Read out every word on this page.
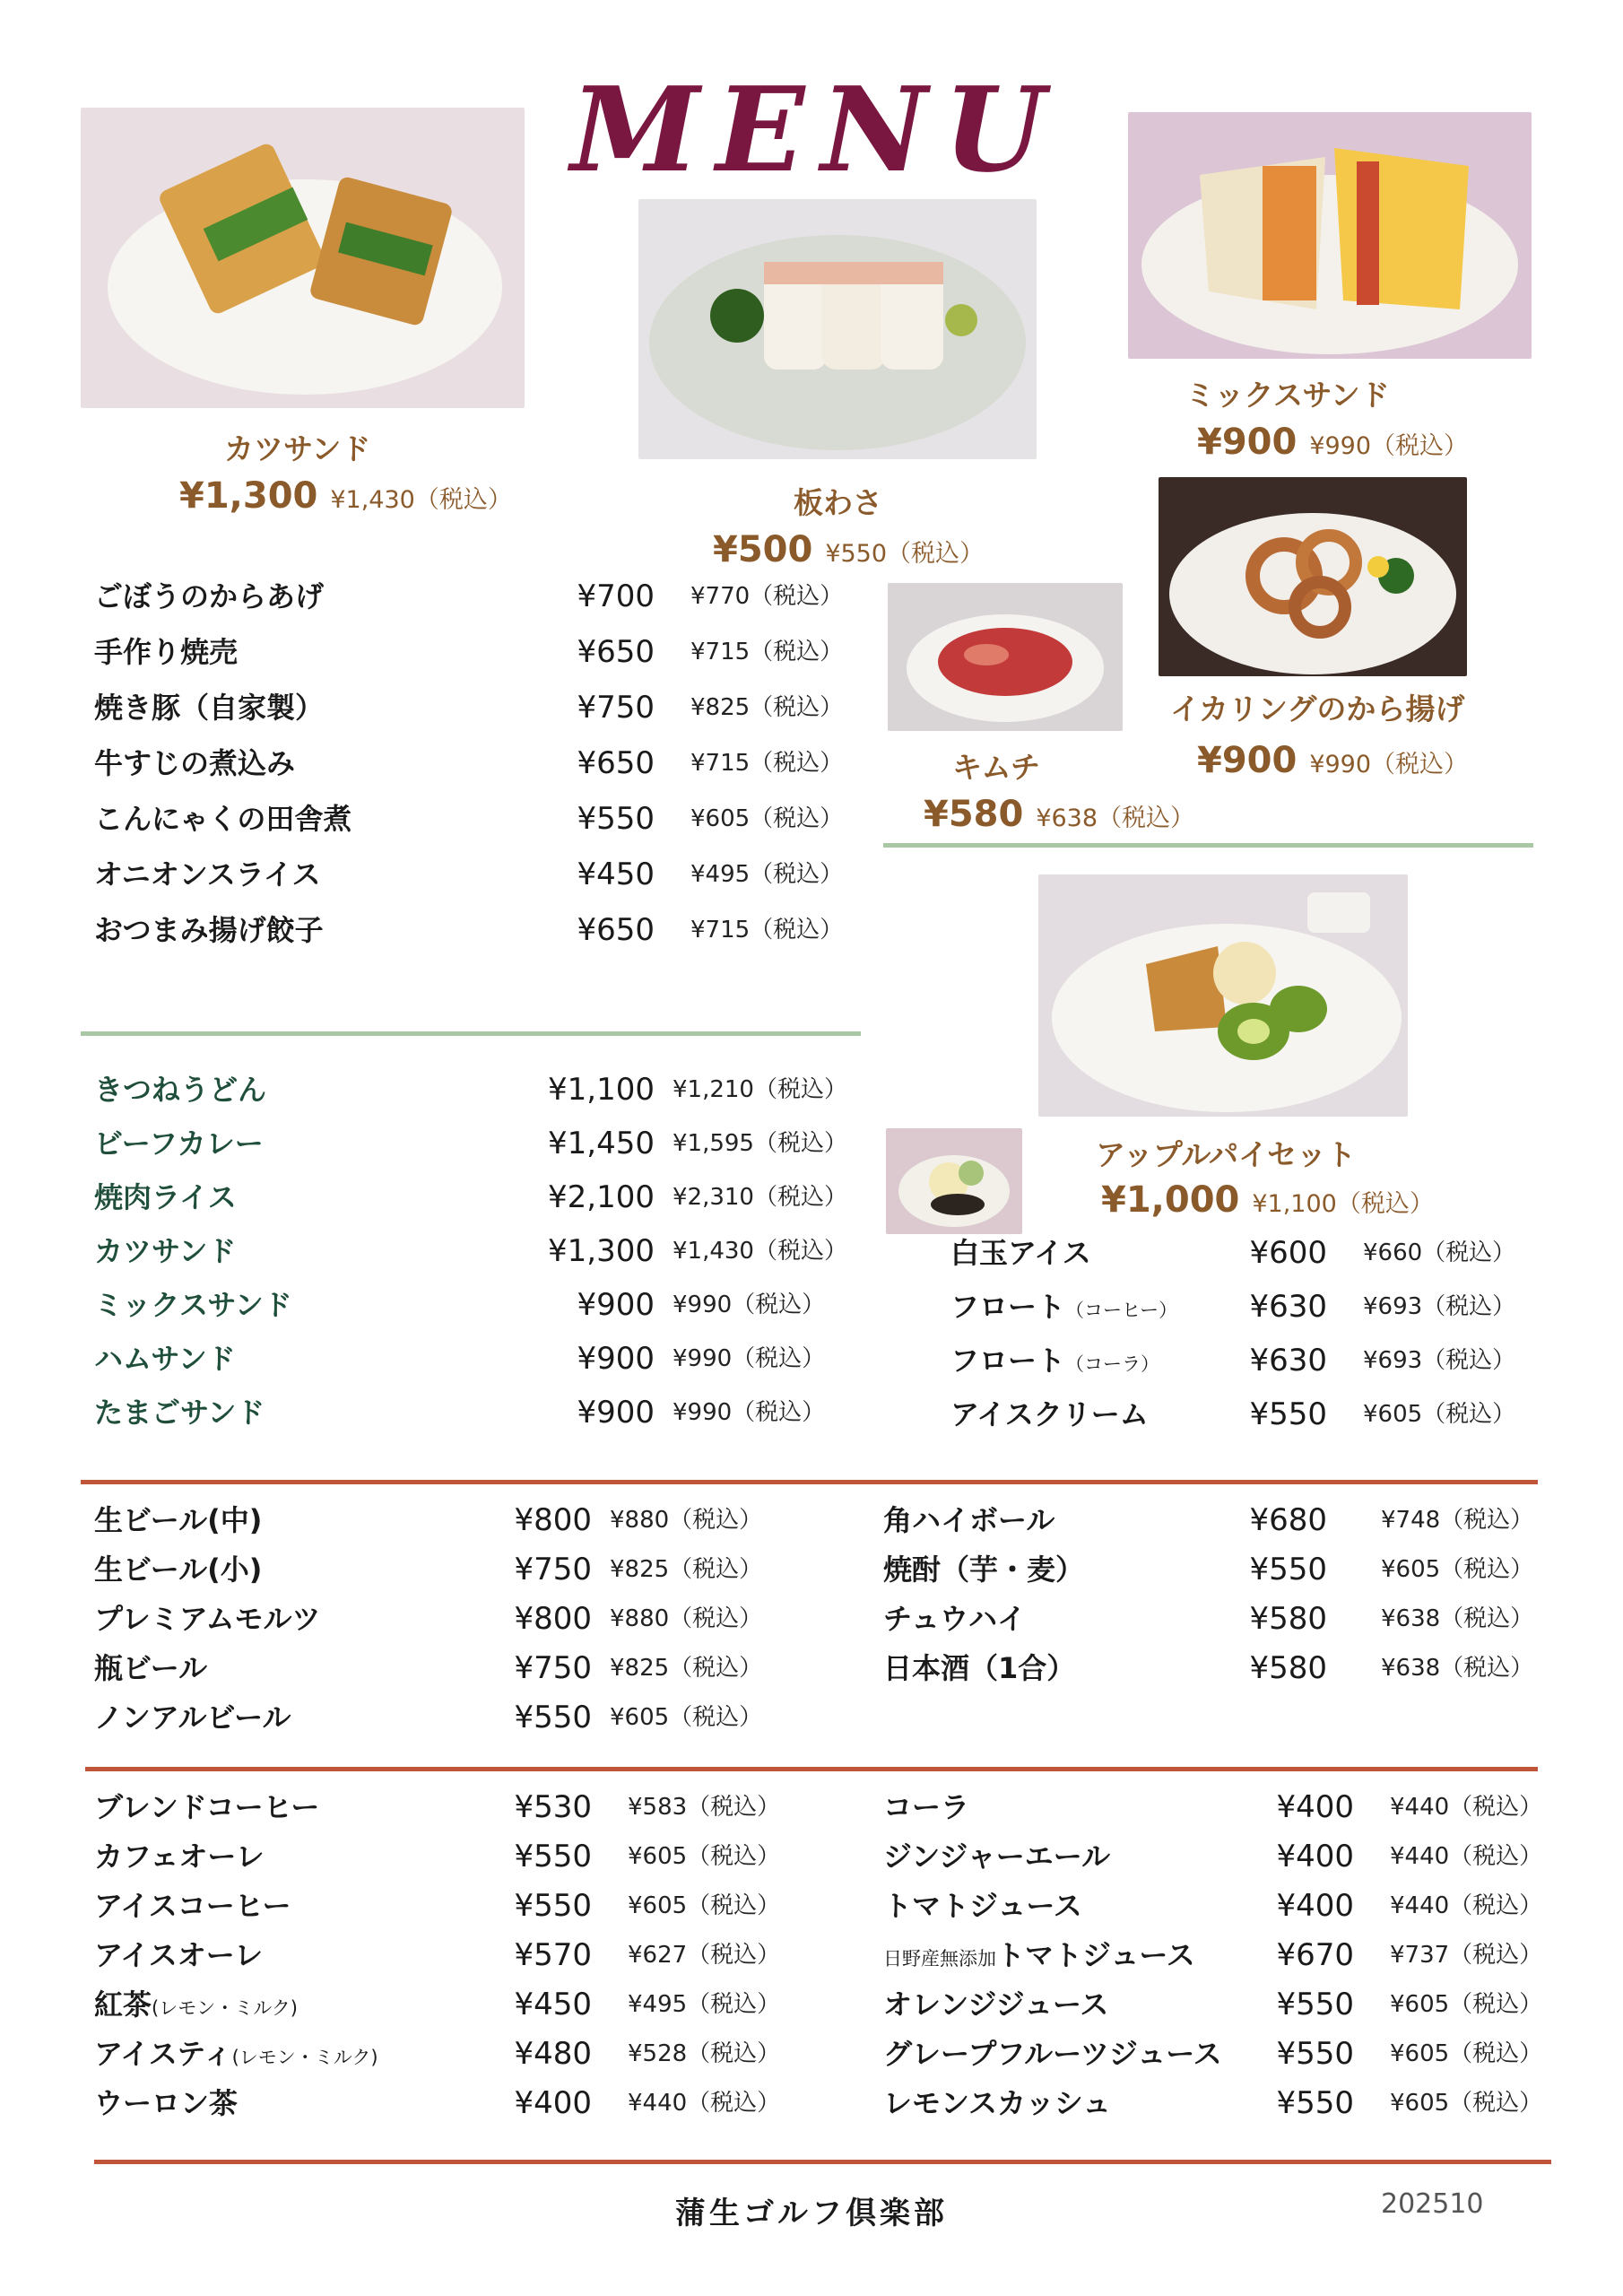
MENU
カツサンド
¥1,300 ¥1,430（税込）	板わさ
¥500 ¥550（税込）
ミックスサンド
¥900 ¥990（税込）
キムチ
¥580 ¥638（税込）
イカリングのから揚げ
¥900 ¥990（税込）
アップルパイセット
¥1,000 ¥1,100（税込）
ごぼうのからあげ	¥700 ¥770（税込）
手作り焼売	¥650 ¥715（税込）
焼き豚（自家製）	¥750 ¥825（税込）
牛すじの煮込み	¥650 ¥715（税込）
こんにゃくの田舎煮	¥550 ¥605（税込）
オニオンスライス	¥450 ¥495（税込）
おつまみ揚げ餃子	¥650 ¥715（税込）
きつねうどん	¥1,100 ¥1,210（税込）
ビーフカレー	¥1,450 ¥1,595（税込）
焼肉ライス	¥2,100 ¥2,310（税込）
カツサンド	¥1,300 ¥1,430（税込）
ミックスサンド	¥900 ¥990（税込）
ハムサンド	¥900 ¥990（税込）
たまごサンド	¥900 ¥990（税込）
白玉アイス	¥600 ¥660（税込）
フロート（コーヒー） ¥630 ¥693（税込）
フロート（コーラ）	¥630 ¥693（税込）
アイスクリーム	¥550 ¥605（税込）
生ビール(中)	¥800 ¥880（税込）
生ビール(小)	¥750 ¥825（税込）
プレミアムモルツ	¥800 ¥880（税込）
瓶ビール	¥750 ¥825（税込）
ノンアルビール	¥550 ¥605（税込）
角ハイボール	¥680 ¥748（税込）
焼酎（芋・麦）	¥550 ¥605（税込）
チュウハイ	¥580 ¥638（税込）
日本酒（1合）	¥580 ¥638（税込）
ブレンドコーヒー	¥530 ¥583（税込）
カフェオーレ	¥550 ¥605（税込）
アイスコーヒー	¥550 ¥605（税込）
アイスオーレ	¥570 ¥627（税込）
紅茶(レモン・ミルク)	¥450 ¥495（税込）
アイスティ(レモン・ミルク)	¥480 ¥528（税込）
ウーロン茶	¥400 ¥440（税込）
コーラ	¥400 ¥440（税込）
ジンジャーエール	¥400 ¥440（税込）
トマトジュース	¥400 ¥440（税込）
日野産無添加トマトジュース	¥670 ¥737（税込）
オレンジジュース	¥550 ¥605（税込）
グレープフルーツジュース ¥550 ¥605（税込）
レモンスカッシュ	¥550 ¥605（税込）
蒲生ゴルフ倶楽部	202510
